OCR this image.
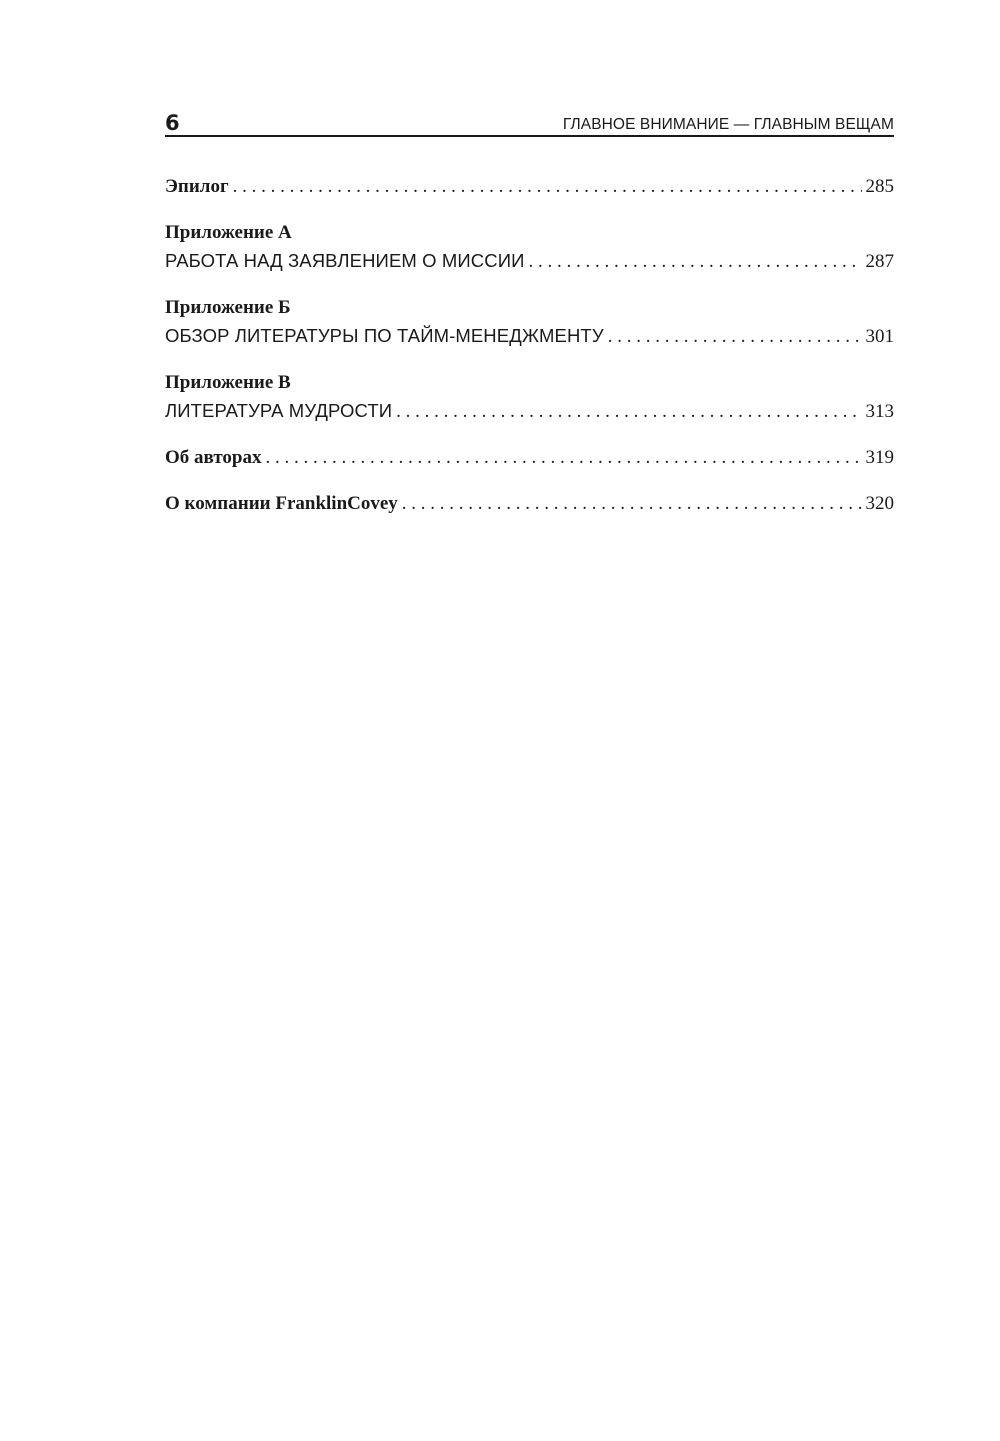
6	ГЛАВНОЕ ВНИМАНИЕ — ГЛАВНЫМ ВЕЩАМ
Эпилог . . .	285
Приложение А
РАБОТА НАД ЗАЯВЛЕНИЕМ О МИССИИ . . .	287
Приложение Б
ОБЗОР ЛИТЕРАТУРЫ ПО ТАЙМ-МЕНЕДЖМЕНТУ . . .	301
Приложение В
ЛИТЕРАТУРА МУДРОСТИ . . .	313
Об авторах . . .	319
О компании FranklinCovey . . .	320
